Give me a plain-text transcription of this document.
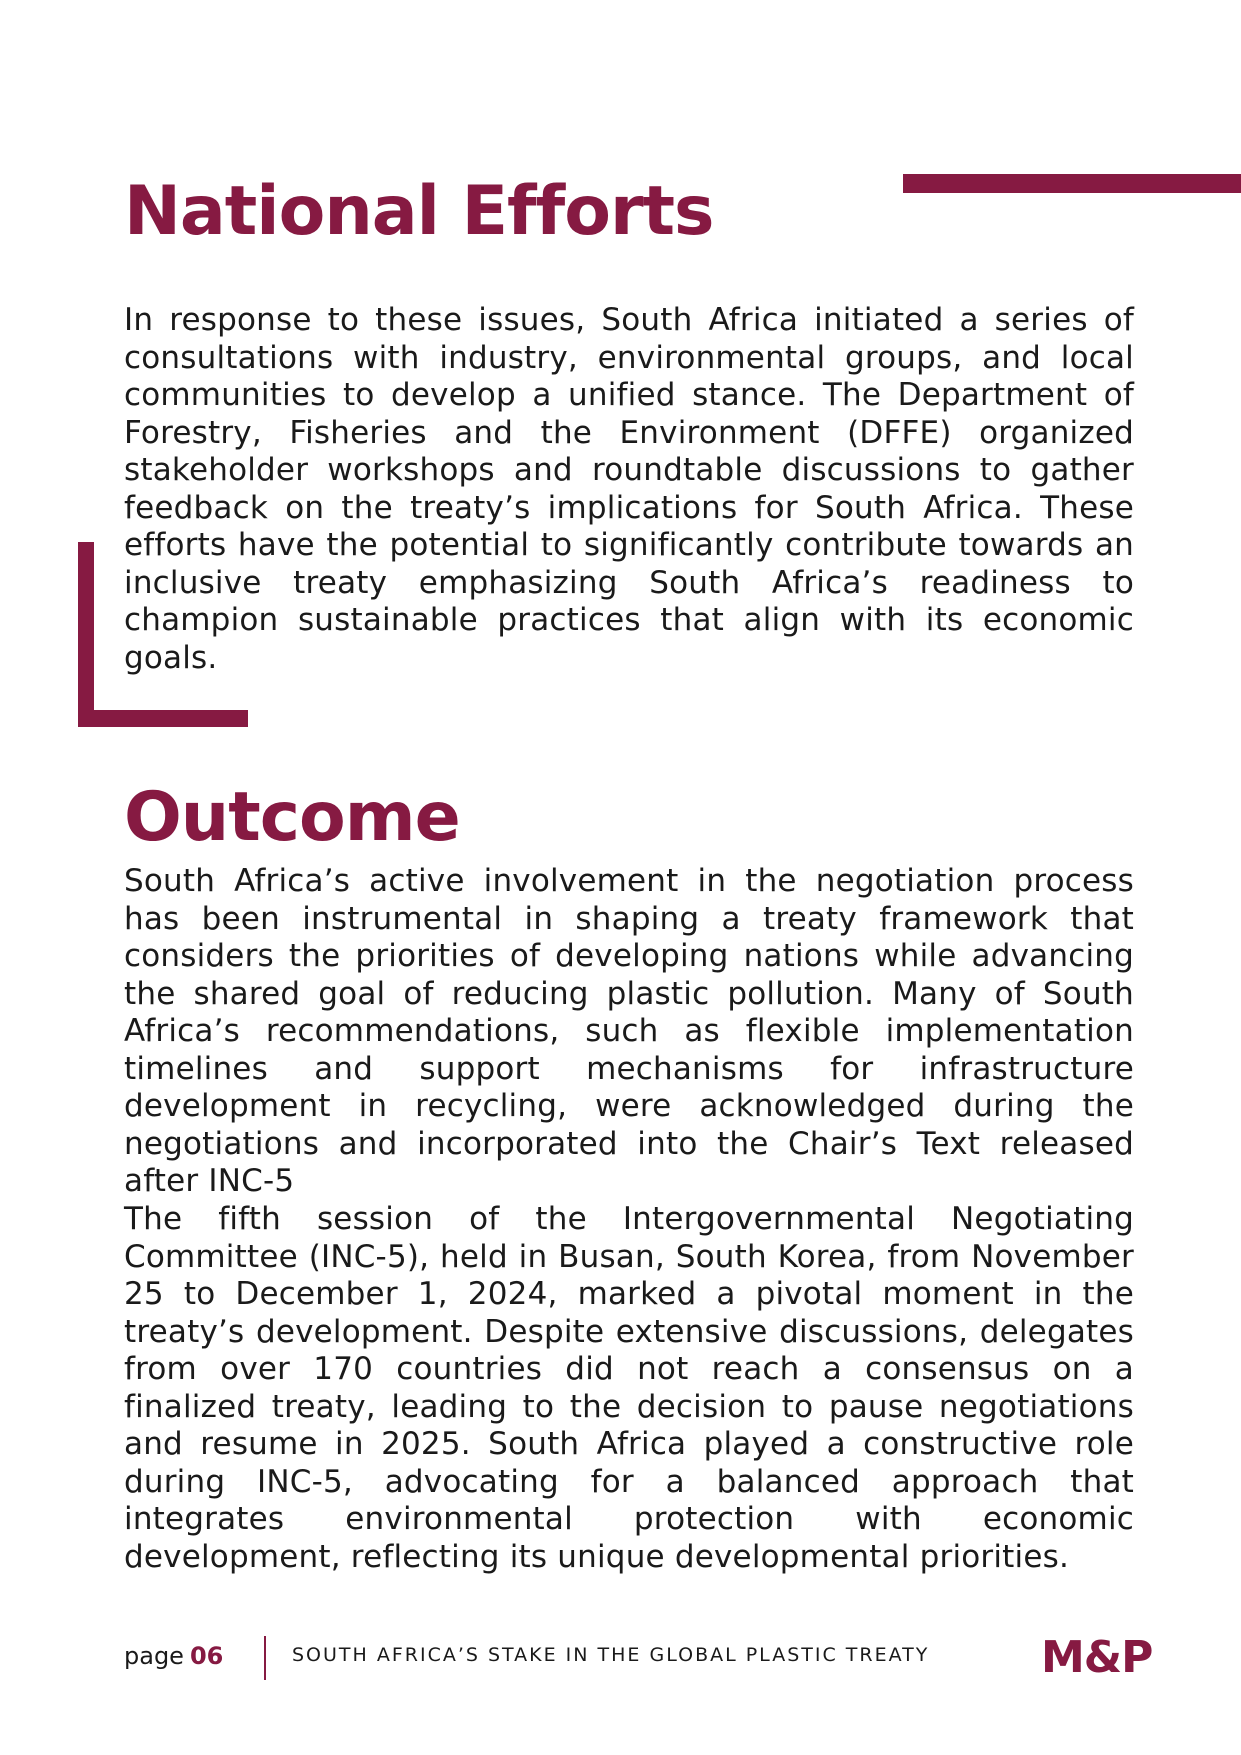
National Efforts

In response to these issues, South Africa initiated a series of consultations with industry, environmental groups, and local communities to develop a unified stance. The Department of Forestry, Fisheries and the Environment (DFFE) organized stakeholder workshops and roundtable discussions to gather feedback on the treaty’s implications for South Africa. These efforts have the potential to significantly contribute towards an inclusive treaty emphasizing South Africa’s readiness to champion sustainable practices that align with its economic goals.

Outcome

South Africa’s active involvement in the negotiation process has been instrumental in shaping a treaty framework that considers the priorities of developing nations while advancing the shared goal of reducing plastic pollution. Many of South Africa’s recommendations, such as flexible implementation timelines and support mechanisms for infrastructure development in recycling, were acknowledged during the negotiations and incorporated into the Chair’s Text released after INC-5

The fifth session of the Intergovernmental Negotiating Committee (INC-5), held in Busan, South Korea, from November 25 to December 1, 2024, marked a pivotal moment in the treaty’s development. Despite extensive discussions, delegates from over 170 countries did not reach a consensus on a finalized treaty, leading to the decision to pause negotiations and resume in 2025. South Africa played a constructive role during INC-5, advocating for a balanced approach that integrates environmental protection with economic development, reflecting its unique developmental priorities.

page 06	SOUTH AFRICA’S STAKE IN THE GLOBAL PLASTIC TREATY	M&P
